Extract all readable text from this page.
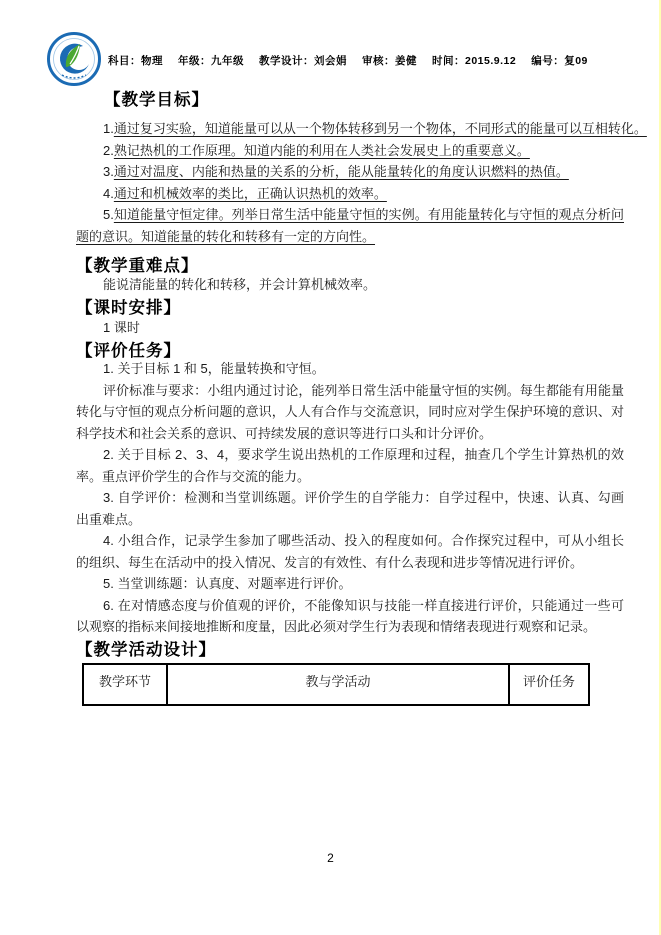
科目：物理 年级：九年级 教学设计：刘会娟 审核：姜健 时间：2015.9.12 编号：复09
【教学目标】

1.通过复习实验，知道能量可以从一个物体转移到另一个物体，不同形式的能量可以互相转化。

2.熟记热机的工作原理。知道内能的利用在人类社会发展史上的重要意义。

3.通过对温度、内能和热量的关系的分析，能从能量转化的角度认识燃料的热值。

4.通过和机械效率的类比，正确认识热机的效率。

5.知道能量守恒定律。列举日常生活中能量守恒的实例。有用能量转化与守恒的观点分析问题的意识。知道能量的转化和转移有一定的方向性。

【教学重难点】

能说清能量的转化和转移，并会计算机械效率。

【课时安排】

1 课时

【评价任务】

1. 关于目标 1 和 5，能量转换和守恒。

评价标准与要求：小组内通过讨论，能列举日常生活中能量守恒的实例。每生都能有用能量转化与守恒的观点分析问题的意识，人人有合作与交流意识，同时应对学生保护环境的意识、对科学技术和社会关系的意识、可持续发展的意识等进行口头和计分评价。

2. 关于目标 2、3、4，要求学生说出热机的工作原理和过程，抽查几个学生计算热机的效率。重点评价学生的合作与交流的能力。

3. 自学评价：检测和当堂训练题。评价学生的自学能力：自学过程中，快速、认真、勾画出重难点。

4. 小组合作，记录学生参加了哪些活动、投入的程度如何。合作探究过程中，可从小组长的组织、每生在活动中的投入情况、发言的有效性、有什么表现和进步等情况进行评价。

5. 当堂训练题：认真度、对题率进行评价。

6. 在对情感态度与价值观的评价，不能像知识与技能一样直接进行评价，只能通过一些可以观察的指标来间接地推断和度量，因此必须对学生行为表现和情绪表现进行观察和记录。

【教学活动设计】
教学环节	教与学活动	评价任务
2
